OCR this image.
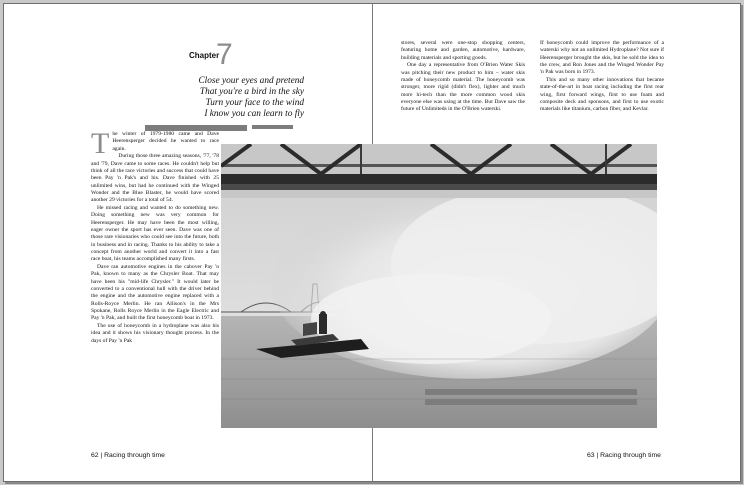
Chapter
7
Close your eyes and pretend
That you're a bird in the sky
Turn your face to the wind
I know you can learn to fly

The winter of 1979-1980 came and Dave Heerensperger decided he wanted to race again.

During those three amazing seasons, '77, '78 and '79, Dave came to some races. He couldn't help but think of all the race victories and success that could have been Pay 'n Pak's and his. Dave finished with 25 unlimited wins, but had he continued with the Winged Wonder and the Blue Blaster, he would have scored another 29 victories for a total of 54.

He missed racing and wanted to do something new. Doing something new was very common for Heerensperger. He may have been the most willing, eager owner the sport has ever seen. Dave was one of those rare visionaries who could see into the future, both in business and in racing. Thanks to his ability to take a concept from another world and convert it into a fast race boat, his teams accomplished many firsts.

Dave ran automotive engines in the cabover Pay 'n Pak, known to many as the Chrysler Boat. That may have been his "mid-life Chrysler." It would later be converted to a conventional hull with the driver behind the engine and the automotive engine replaced with a Rolls-Royce Merlin. He ran Allison's in the Mrs Spokane, Rolls Royce Merlin in the Eagle Electric and Pay 'n Pak, and built the first honeycomb boat in 1973.

The use of honeycomb in a hydroplane was also his idea and it shows his visionary thought process. In the days of Pay 'n Pak

stores, several were one-stop shopping centers, featuring home and garden, automotive, hardware, building materials and sporting goods.

One day a representative from O'Brien Water Skis was pitching their new product to him – water skis made of honeycomb material. The honeycomb was stronger, more rigid (didn't flex), lighter and much more hi-tech than the more common wood skis everyone else was using at the time. But Dave saw the future of Unlimiteds in the O'Brien waterski.

If honeycomb could improve the performance of a waterski why not an unlimited Hydroplane? Not sure if Heerensperger brought the skis, but he sold the idea to the crew, and Ron Jones and the Winged Wonder Pay 'n Pak was born in 1973.

This and so many other innovations that became state-of-the-art in boat racing including the first rear wing, first forward wings, first to use foam and composite deck and sponsons, and first to use exotic materials like titanium, carbon fiber, and Kevlar.

62 | Racing through time	63 | Racing through time
